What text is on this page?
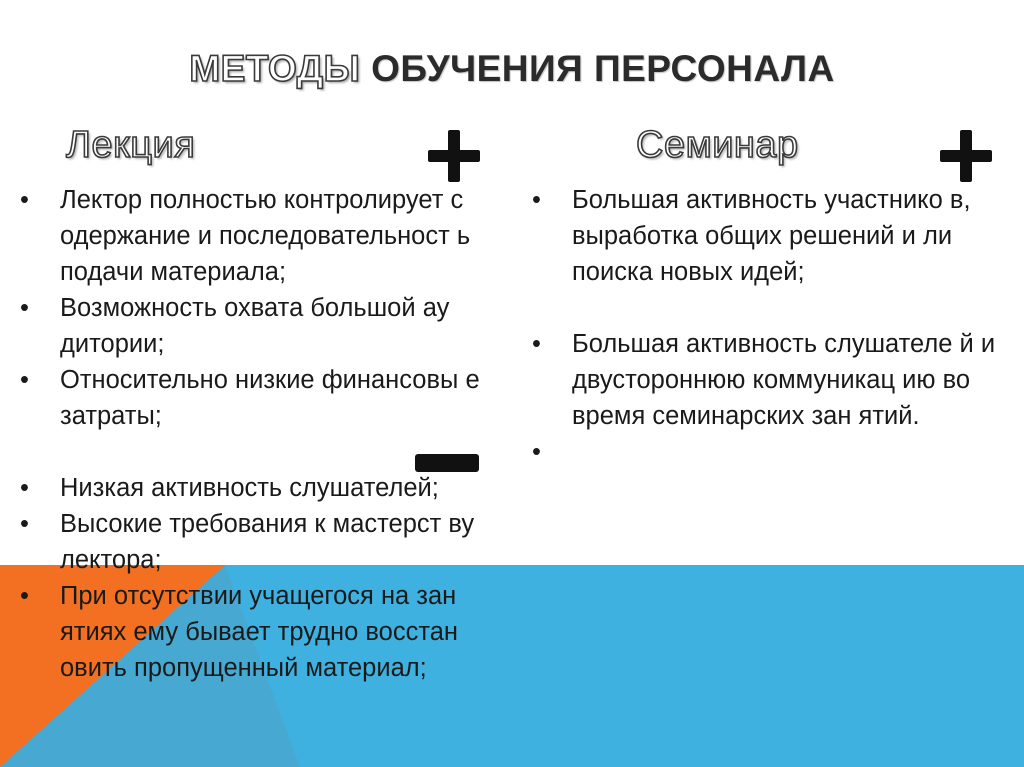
МЕТОДЫ ОБУЧЕНИЯ ПЕРСОНАЛА
Лекция	Семинар
• Лектор полностью контролирует с одержание и последовательност ь подачи материала;
• Возможность охвата большой ау дитории;
• Относительно низкие финансовы е затраты;
• Низкая активность слушателей;
• Высокие требования к мастерст ву лектора;
• При отсутствии учащегося на зан ятиях ему бывает трудно восстан овить пропущенный материал;
• Большая активность участнико в, выработка общих решений и ли поиска новых идей;
• Большая активность слушателе й и двустороннюю коммуникац ию во время семинарских зан ятий.
•
